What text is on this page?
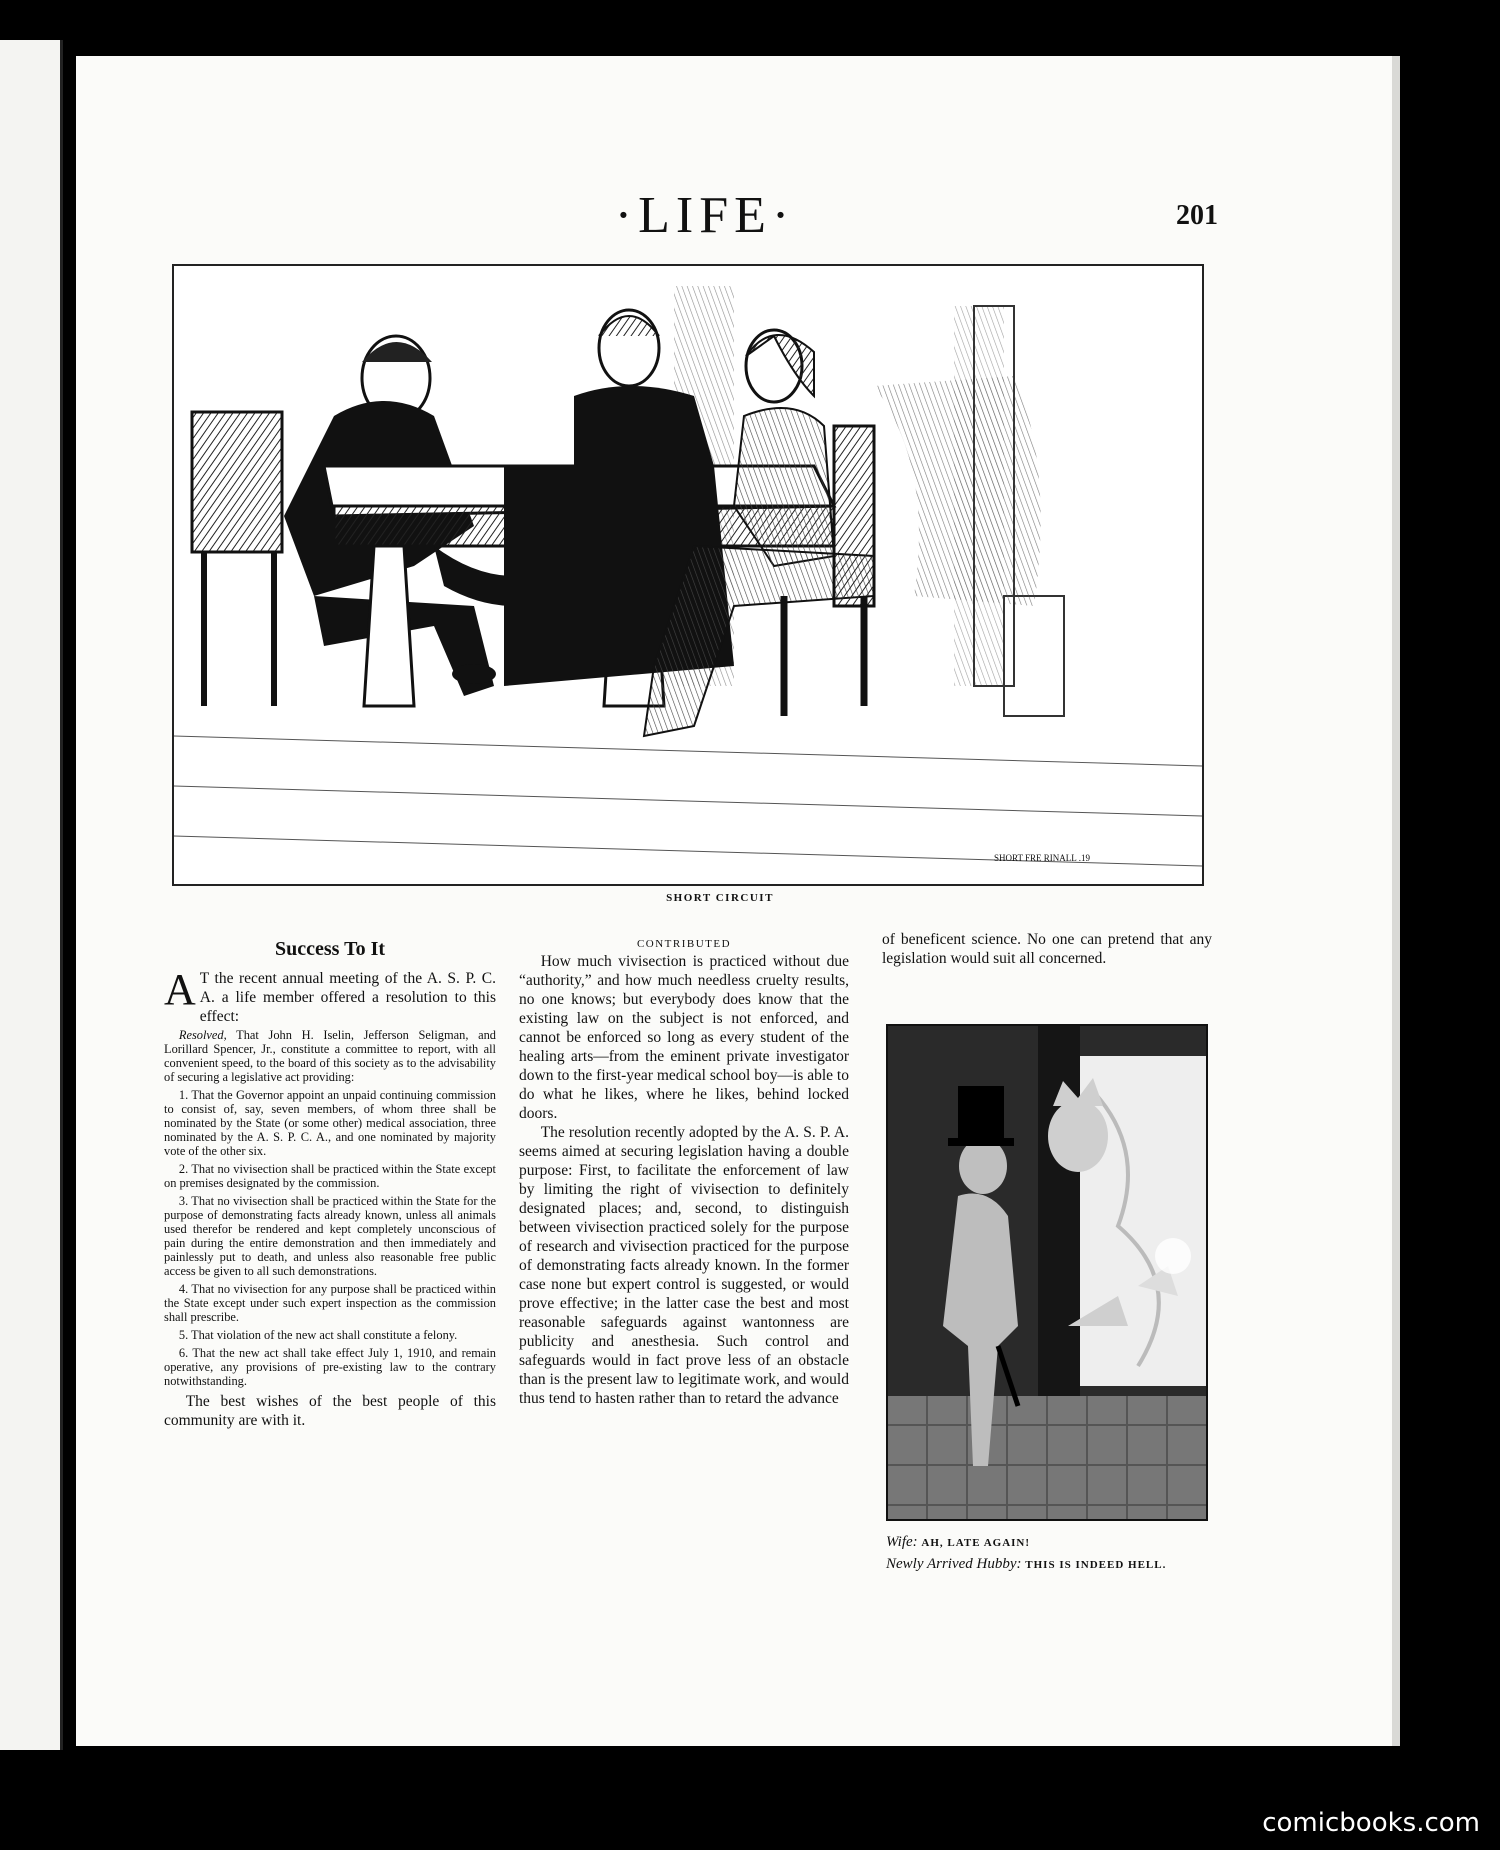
·LIFE·	201
SHORT FRE RINALL .19
SHORT CIRCUIT
Success To It

A T the recent annual meeting of the A. S. P. C. A. a life member offered a resolution to this effect:

Resolved, That John H. Iselin, Jefferson Seligman, and Lorillard Spencer, Jr., constitute a committee to report, with all convenient speed, to the board of this society as to the advisability of securing a legislative act providing:

1. That the Governor appoint an unpaid continuing commission to consist of, say, seven members, of whom three shall be nominated by the State (or some other) medical association, three nominated by the A. S. P. C. A., and one nominated by majority vote of the other six.

2. That no vivisection shall be practiced within the State except on premises designated by the commission.

3. That no vivisection shall be practiced within the State for the purpose of demonstrating facts already known, unless all animals used therefor be rendered and kept completely unconscious of pain during the entire demonstration and then immediately and painlessly put to death, and unless also reasonable free public access be given to all such demonstrations.

4. That no vivisection for any purpose shall be practiced within the State except under such expert inspection as the commission shall prescribe.

5. That violation of the new act shall constitute a felony.

6. That the new act shall take effect July 1, 1910, and remain operative, any provisions of pre-existing law to the contrary notwithstanding.

The best wishes of the best people of this community are with it.

CONTRIBUTED

How much vivisection is practiced without due “authority,” and how much needless cruelty results, no one knows; but everybody does know that the existing law on the subject is not enforced, and cannot be enforced so long as every student of the healing arts—from the eminent private investigator down to the first-year medical school boy—is able to do what he likes, where he likes, behind locked doors.

The resolution recently adopted by the A. S. P. A. seems aimed at securing legislation having a double purpose: First, to facilitate the enforcement of law by limiting the right of vivisection to definitely designated places; and, second, to distinguish between vivisection practiced solely for the purpose of research and vivisection practiced for the purpose of demonstrating facts already known. In the former case none but expert control is suggested, or would prove effective; in the latter case the best and most reasonable safeguards against wantonness are publicity and anesthesia. Such control and safeguards would in fact prove less of an obstacle than is the present law to legitimate work, and would thus tend to hasten rather than to retard the advance

of beneficent science. No one can pretend that any legislation would suit all concerned.

Wife: AH, LATE AGAIN!
Newly Arrived Hubby: THIS IS INDEED HELL.
comicbooks.com
